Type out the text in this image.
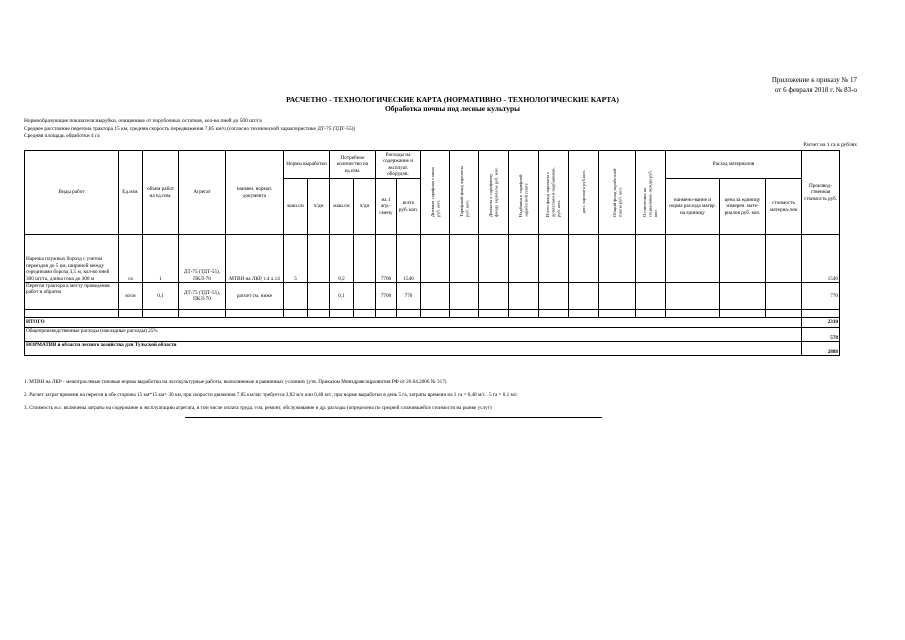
Приложение к приказу № 17
от 6 февраля 2018 г. № 83-о
РАСЧЕТНО - ТЕХНОЛОГИЧЕСКИЕ КАРТА (НОРМАТИВНО - ТЕХНОЛОГИЧЕСКИЕ КАРТА)
Обработка почвы под лесные культуры
Нормообразующие показатели:вырубки, очищенные от порубочных остатков, кол-во пней до 500 шт/га
Среднее расстояние перегона трактора 15 км, средняя скорость передвижения 7,85 км/ч (согласно технической характеристике ДТ-75 (ТДТ-55))
Средняя площадь обработки 4 га
Расчет на 1 га в рублях
Виды работ	Ед.изм.	объем работ на ед.изм.	Агрегат	наимен. нормат. документа	Нормы выработки		Потребное количество на ед.изм.		Расходы на содержание и эксплуат. оборудов.		Дневная тарифная ставка руб. коп.	Тарифный фонд зарплаты руб. коп.	Доплаты к тарифному фонду зарплаты руб. коп.	Надбавки к тарифной заработной плате	Итого фонд зарплаты с доплатами и надбавками, руб. коп.	доп. зарплата руб.коп.	Общий фонд заработной платы руб. коп.	Отчисления на социальные нужды руб. коп	Расход материалов			Производ-ственная стоимость руб.
					маш.см	ч/дн	маш.см	ч/дн	на 1 агр.-смену	всего руб. коп.									наимено-вание и норма расхода матер. на единицу	цена за единицу измерен. мате-риалов руб. коп.	стоимость материа-лов	

Нарезка плужных борозд с учетом переездов до 5 км, шириной между серединами борозд 3,5 м, кол-во пней 300 шт/га, длина гона до 300 м	га	1	ДТ-75 (ТДТ-55), ПКЛ-70	МТВН на ЛКР, т.4 л.14	5		0,2		7700	1540												1540
Перегон трактора к месту проведения работ и обратно	м/см	0,1	ДТ-75 (ТДТ-55), ПКЛ-70	расчет см. ниже			0,1		7700	770												770

ИТОГО																						2310
Общепроизводственные расходы (накладные расходы) 25%																						578
НОРМАТИВ в области лесного хозяйства для Тульской области																						2888
1. МТВН на ЛКР - межотраслевые типовые нормы выработки на лесокультурные работы, выполняемые в равнинных условиях (утв. Приказом Минздравсоцразвития РФ от 26.04.2006 № 317)
2. Расчет затрат времени на перегон в обе стороны 15 км*15 км= 30 км, при скорости движения 7,85 км/час требуется 3,82 м/ч или 0,48 м/с, при норме выработки в день 5 га, затраты времени на 1 га = 0,48 м/с . 5 га = 0,1 м/с
3. Стоимость м.с. включены затраты на содержание и эксплуатацию агрегата, в том числе оплата труда, гсм, ремонт, обслуживание и др. расходы (определена по средней сложившейся стоимости на рынке услуг)
